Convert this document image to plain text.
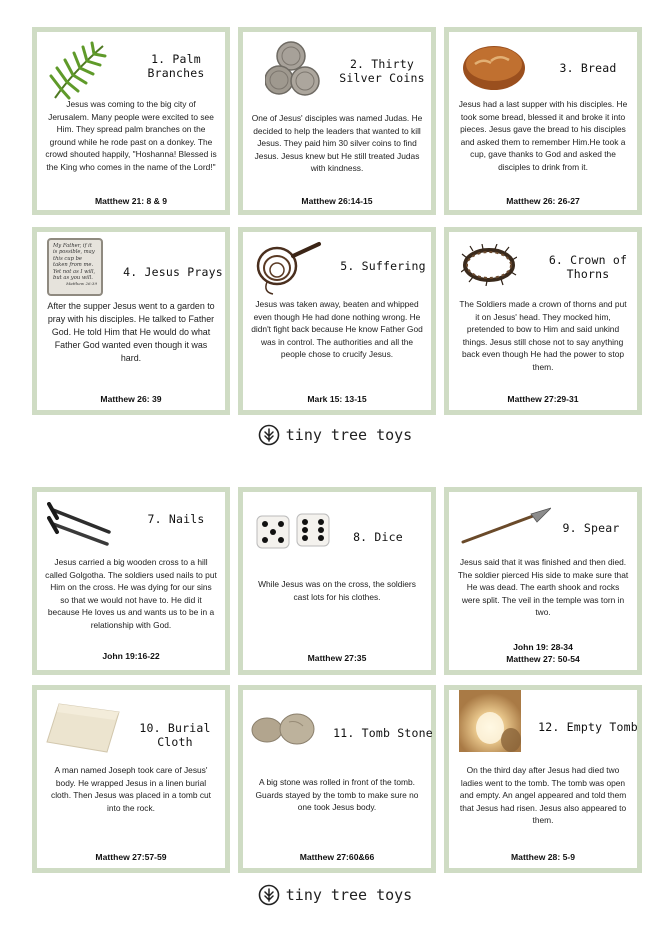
1. Palm
Branches
Jesus was coming to the big city of Jerusalem. Many people were excited to see Him. They spread palm branches on the ground while he rode past on a donkey. The crowd shouted happily, "Hoshanna! Blessed is the King who comes in the name of the Lord!"
Matthew 21: 8 & 9
2. Thirty
Silver Coins
One of Jesus' disciples was named Judas. He decided to help the leaders that wanted to kill Jesus. They paid him 30 silver coins to find Jesus. Jesus knew but He still treated Judas with kindness.
Matthew 26:14-15
3. Bread
Jesus had a last supper with his disciples. He took some bread, blessed it and broke it into pieces. Jesus gave the bread to his disciples and asked them to remember Him.He took a cup, gave thanks to God and asked the disciples to drink from it.
Matthew 26: 26-27
My Father, if it is possible, may this cup be taken from me. Yet not as I will, but as you will.
Matthew 26:39
4. Jesus Prays
After the supper Jesus went to a garden to pray with his disciples. He talked to Father God. He told Him that He would do what Father God wanted even though it was hard.
Matthew 26: 39
5. Suffering
Jesus was taken away, beaten and whipped even though He had done nothing wrong. He didn't fight back because He know Father God was in control. The authorities and all the people chose to crucify Jesus.
Mark 15: 13-15
6. Crown of
Thorns
The Soldiers made a crown of thorns and put it on Jesus' head. They mocked him, pretended to bow to Him and said unkind things. Jesus still chose not to say anything back even though He had the power to stop them.
Matthew 27:29-31
tiny tree toys
7. Nails
Jesus carried a big wooden cross to a hill called Golgotha. The soldiers used nails to put Him on the cross. He was dying for our sins so that we would not have to. He did it because He loves us and wants us to be in a relationship with God.
John 19:16-22
8. Dice
While Jesus was on the cross, the soldiers cast lots for his clothes.
Matthew 27:35
9. Spear
Jesus said that it was finished and then died. The soldier pierced His side to make sure that He was dead. The earth shook and rocks were split. The veil in the temple was torn in two.
John 19: 28-34
Matthew 27: 50-54
10. Burial Cloth
A man named Joseph took care of Jesus' body. He wrapped Jesus in a linen burial cloth. Then Jesus was placed in a tomb cut into the rock.
Matthew 27:57-59
11. Tomb Stone
A big stone was rolled in front of the tomb. Guards stayed by the tomb to make sure no one took Jesus body.
Matthew 27:60&66
12. Empty Tomb
On the third day after Jesus had died two ladies went to the tomb. The tomb was open and empty. An angel appeared and told them that Jesus had risen. Jesus also appeared to them.
Matthew 28: 5-9
tiny tree toys
